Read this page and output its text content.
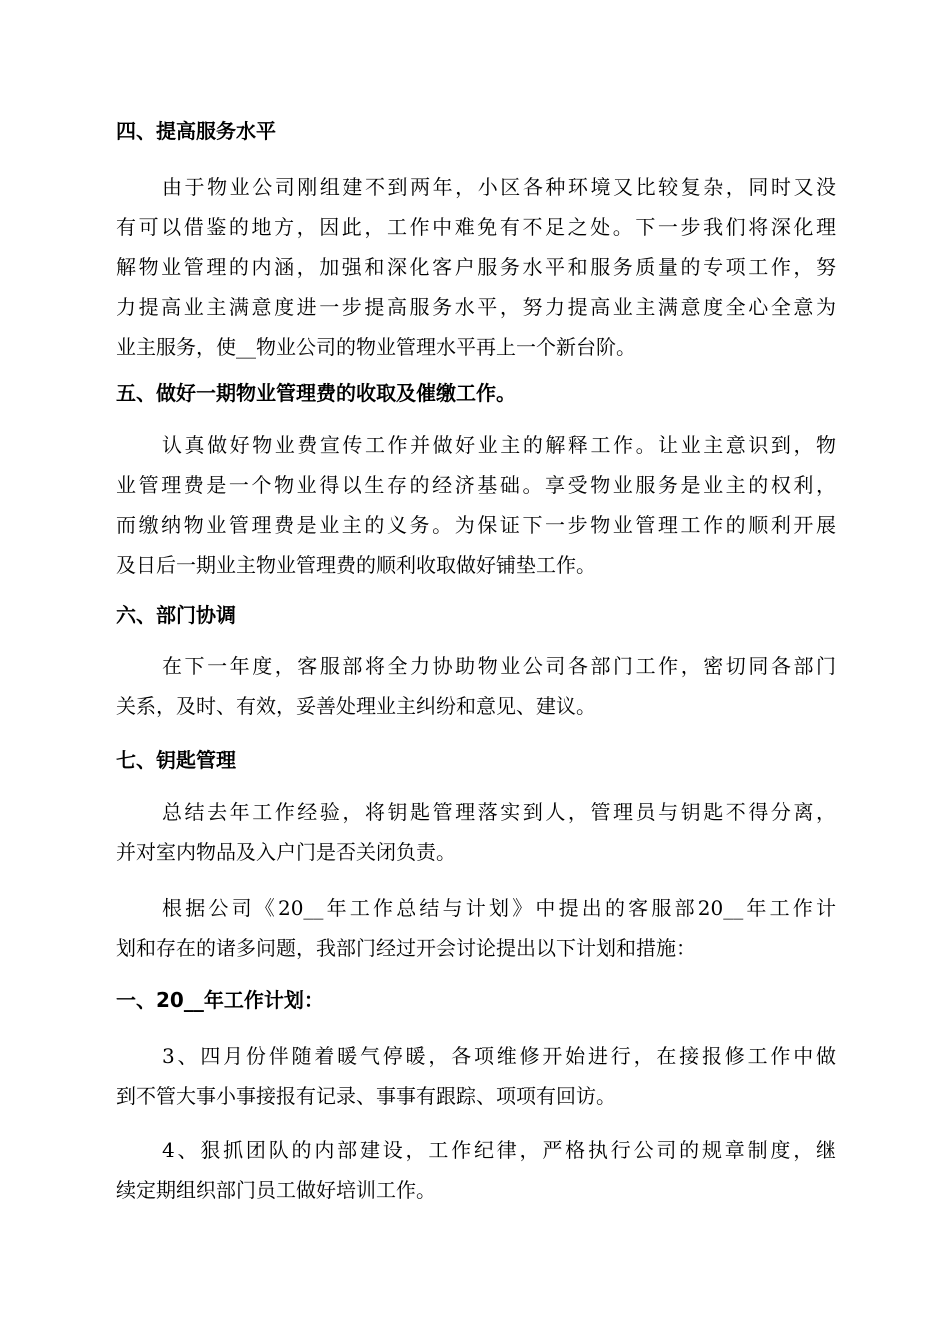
四、提高服务水平
由于物业公司刚组建不到两年，小区各种环境又比较复杂，同时又没
有可以借鉴的地方，因此，工作中难免有不足之处。下一步我们将深化理
解物业管理的内涵，加强和深化客户服务水平和服务质量的专项工作，努
力提高业主满意度进一步提高服务水平，努力提高业主满意度全心全意为
业主服务，使__物业公司的物业管理水平再上一个新台阶。
五、做好一期物业管理费的收取及催缴工作。
认真做好物业费宣传工作并做好业主的解释工作。让业主意识到，物
业管理费是一个物业得以生存的经济基础。享受物业服务是业主的权利，
而缴纳物业管理费是业主的义务。为保证下一步物业管理工作的顺利开展
及日后一期业主物业管理费的顺利收取做好铺垫工作。
六、部门协调
在下一年度，客服部将全力协助物业公司各部门工作，密切同各部门
关系，及时、有效，妥善处理业主纠纷和意见、建议。
七、钥匙管理
总结去年工作经验，将钥匙管理落实到人，管理员与钥匙不得分离，
并对室内物品及入户门是否关闭负责。
根据公司《20__年工作总结与计划》中提出的客服部20__年工作计
划和存在的诸多问题，我部门经过开会讨论提出以下计划和措施：
一、20__年工作计划：
3、四月份伴随着暖气停暖，各项维修开始进行，在接报修工作中做
到不管大事小事接报有记录、事事有跟踪、项项有回访。
4、狠抓团队的内部建设，工作纪律，严格执行公司的规章制度，继
续定期组织部门员工做好培训工作。
